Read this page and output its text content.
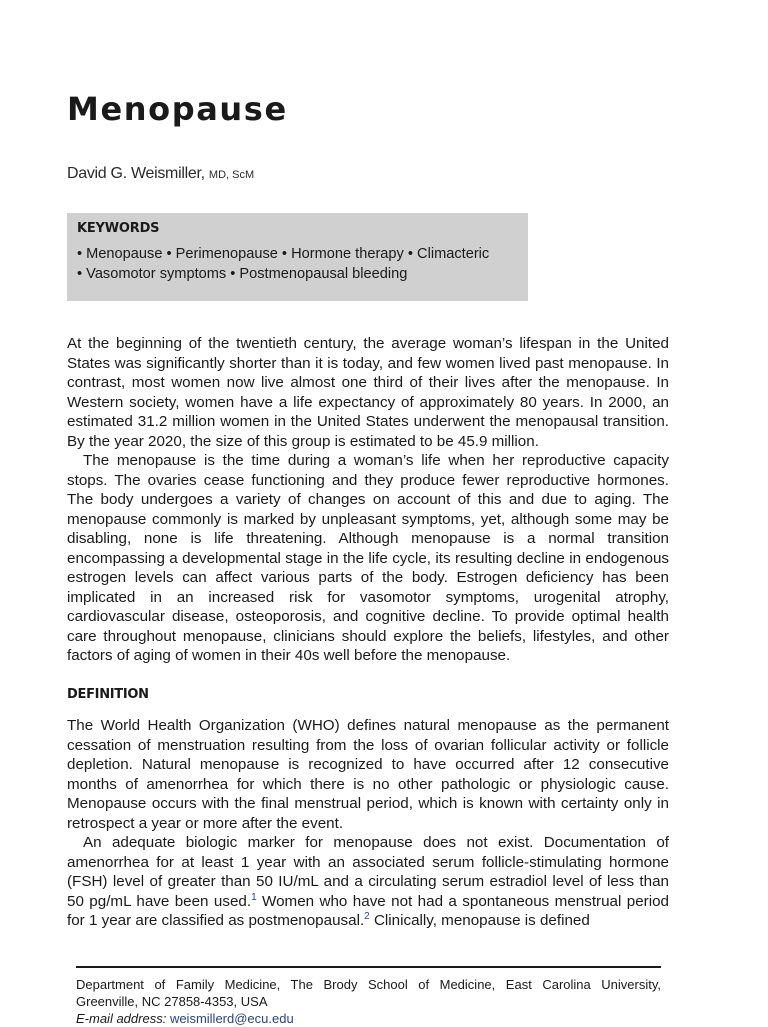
Menopause
David G. Weismiller, MD, ScM
KEYWORDS
• Menopause • Perimenopause • Hormone therapy • Climacteric
• Vasomotor symptoms • Postmenopausal bleeding

At the beginning of the twentieth century, the average woman’s lifespan in the United States was significantly shorter than it is today, and few women lived past menopause. In contrast, most women now live almost one third of their lives after the menopause. In Western society, women have a life expectancy of approximately 80 years. In 2000, an estimated 31.2 million women in the United States underwent the menopausal transition. By the year 2020, the size of this group is estimated to be 45.9 million.

The menopause is the time during a woman’s life when her reproductive capacity stops. The ovaries cease functioning and they produce fewer reproductive hormones. The body undergoes a variety of changes on account of this and due to aging. The menopause commonly is marked by unpleasant symptoms, yet, although some may be disabling, none is life threatening. Although menopause is a normal transition encompassing a developmental stage in the life cycle, its resulting decline in endogenous estrogen levels can affect various parts of the body. Estrogen deficiency has been implicated in an increased risk for vasomotor symptoms, urogenital atrophy, cardiovascular disease, osteoporosis, and cognitive decline. To provide optimal health care throughout menopause, clinicians should explore the beliefs, lifestyles, and other factors of aging of women in their 40s well before the menopause.

DEFINITION

The World Health Organization (WHO) defines natural menopause as the permanent cessation of menstruation resulting from the loss of ovarian follicular activity or follicle depletion. Natural menopause is recognized to have occurred after 12 consecutive months of amenorrhea for which there is no other pathologic or physiologic cause. Menopause occurs with the final menstrual period, which is known with certainty only in retrospect a year or more after the event.

An adequate biologic marker for menopause does not exist. Documentation of amenorrhea for at least 1 year with an associated serum follicle-stimulating hormone (FSH) level of greater than 50 IU/mL and a circulating serum estradiol level of less than 50 pg/mL have been used.$^1$ Women who have not had a spontaneous menstrual period for 1 year are classified as postmenopausal.$^2$ Clinically, menopause is defined

Department of Family Medicine, The Brody School of Medicine, East Carolina University,
Greenville, NC 27858-4353, USA
E-mail address: weismillerd@ecu.edu
